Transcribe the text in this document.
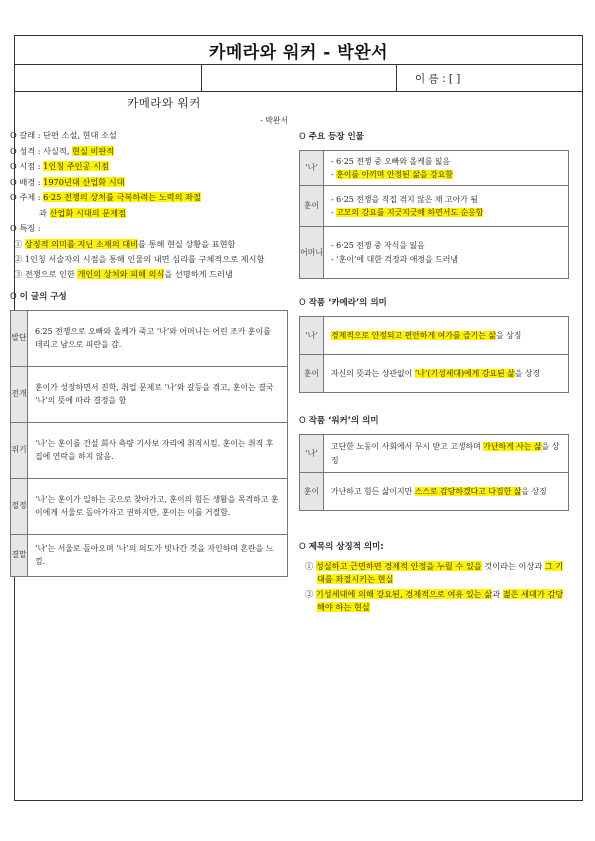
카메라와 워커 - 박완서
이 름 : [ ]
카메라와 워커
- 박완서
O 갈래 : 단편 소설, 현대 소설
O 성격 : 사실적, 현실 비판적
O 시점 : 1인칭 주인공 시점
O 배경 : 1970년대 산업화 시대
O 주제 : 6·25 전쟁의 상처를 극복하려는 노력의 좌절
과 산업화 시대의 문제점
O 특징 :
① 상징적 의미를 지닌 소재의 대비를 통해 현실 상황을 표현함
② 1인칭 서술자의 시점을 통해 인물의 내면 심리를 구체적으로 제시함
③ 전쟁으로 인한 개인의 상처와 피해 의식을 선명하게 드러냄
O 이 글의 구성
발단	6.25 전쟁으로 오빠와 올케가 죽고 ‘나’와 어머니는 어린 조카 훈이를 데리고 남으로 피란을 감.
전개	훈이가 성장하면서 진학, 취업 문제로 ‘나’와 갈등을 겪고, 훈이는 결국 ‘나’의 뜻에 따라 결정을 함
위기	‘나’는 훈이를 건설 회사 측량 기사보 자리에 취직시킴. 훈이는 취직 후 집에 연락을 하지 않음.
절정	‘나’는 훈이가 일하는 곳으로 찾아가고, 훈이의 힘든 생활을 목격하고 훈이에게 서울로 돌아가자고 권하지만, 훈이는 이를 거절함.
결말	‘나’는 서울로 돌아오며 ‘나’의 의도가 빗나간 것을 자인하며 혼란을 느낌.
O 주요 등장 인물
‘나’	- 6·25 전쟁 중 오빠와 올케를 잃음
- 훈이를 아끼며 안정된 삶을 강요함

훈이	- 6·25 전쟁을 직접 겪지 않은 채 고아가 됨
- 고모의 강요를 지긋지긋해 하면서도 순응함

어머니	- 6·25 전쟁 중 자식을 잃음
- ‘훈이’에 대한 걱정과 애정을 드러냄
O 작품 ‘카메라’의 의미
‘나’	경제적으로 안정되고 편안하게 여가를 즐기는 삶을 상징
훈이	자신의 뜻과는 상관없이 ‘나’(기성세대)에게 강요된 삶을 상징
O 작품 ‘워커’의 의미
‘나’	고단한 노동이 사회에서 무시 받고 고생하며 가난하게 사는 삶을 상징
훈이	가난하고 힘든 삶이지만 스스로 감당하겠다고 다짐한 삶을 상징
O 제목의 상징적 의미:
① 성실하고 근면하면 경제적 안정을 누릴 수 있을 것이라는 이상과 그 기대를 좌절시키는 현실
② 기성세대에 의해 강요된, 경제적으로 여유 있는 삶과 젊은 세대가 감당해야 하는 현실
